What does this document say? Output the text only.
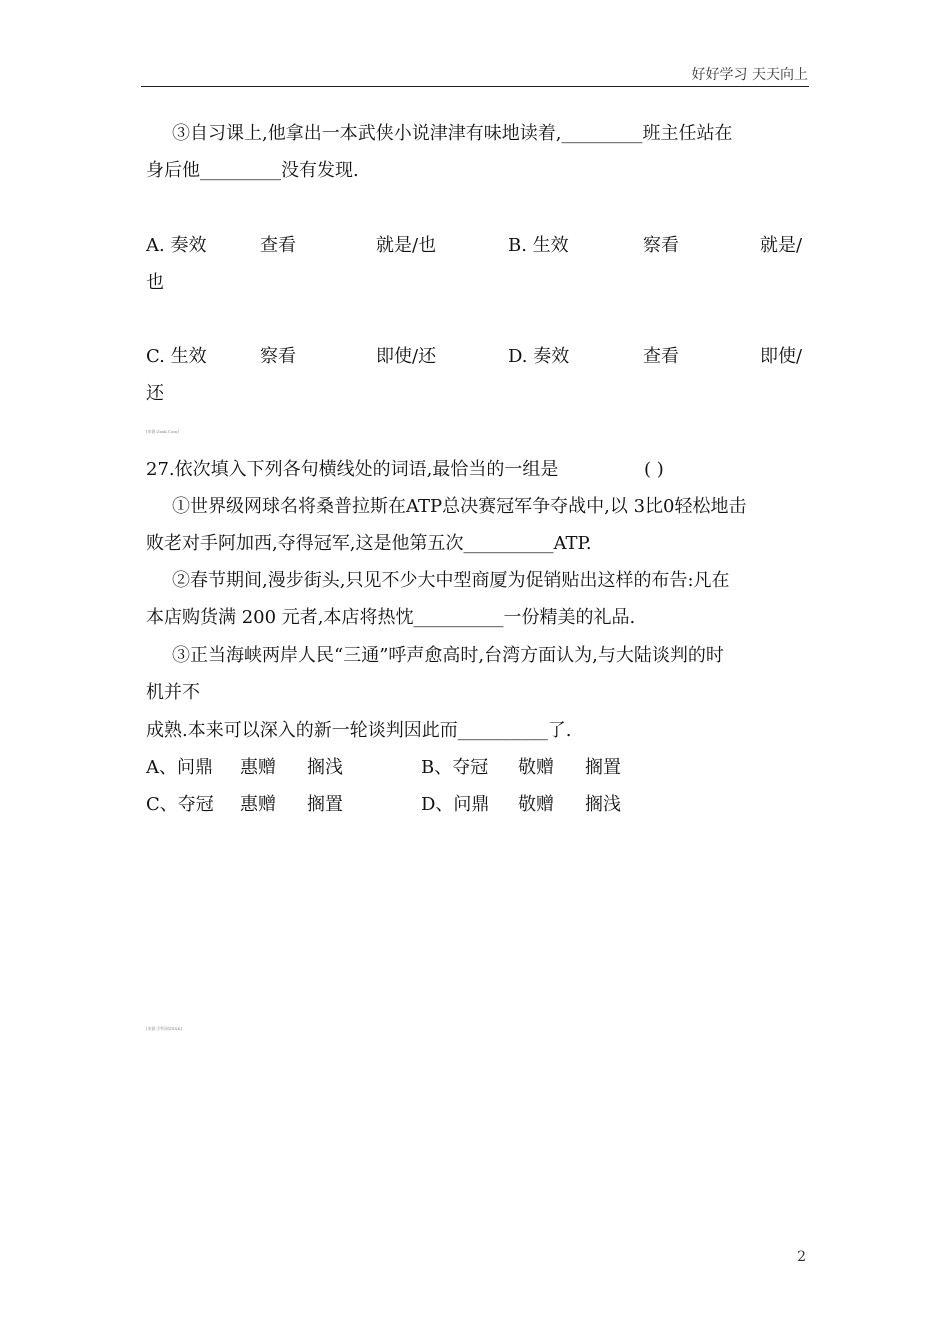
好好学习 天天向上
③自习课上,他拿出一本武侠小说津津有味地读着,_________班主任站在
身后他_________没有发现.
A. 奏效	查看	就是/也	B. 生效	察看	就是/
也
C. 生效	察看	即使/还	D. 奏效	查看	即使/
还
[来源:Zxxk.Com]
27.依次填入下列各句横线处的词语,最恰当的一组是	( )
①世界级网球名将桑普拉斯在ATP总决赛冠军争夺战中,以 3比0轻松地击
败老对手阿加西,夺得冠军,这是他第五次__________ATP.
②春节期间,漫步街头,只见不少大中型商厦为促销贴出这样的布告:凡在
本店购货满 200 元者,本店将热忱__________一份精美的礼品.
③正当海峡两岸人民“三通”呼声愈高时,台湾方面认为,与大陆谈判的时
机并不
成熟.本来可以深入的新一轮谈判因此而__________了.
A、问鼎 惠赠 搁浅	B、夺冠 敬赠 搁置
C、夺冠 惠赠 搁置	D、问鼎 敬赠 搁浅
[来源:学科网ZXXK]
2
